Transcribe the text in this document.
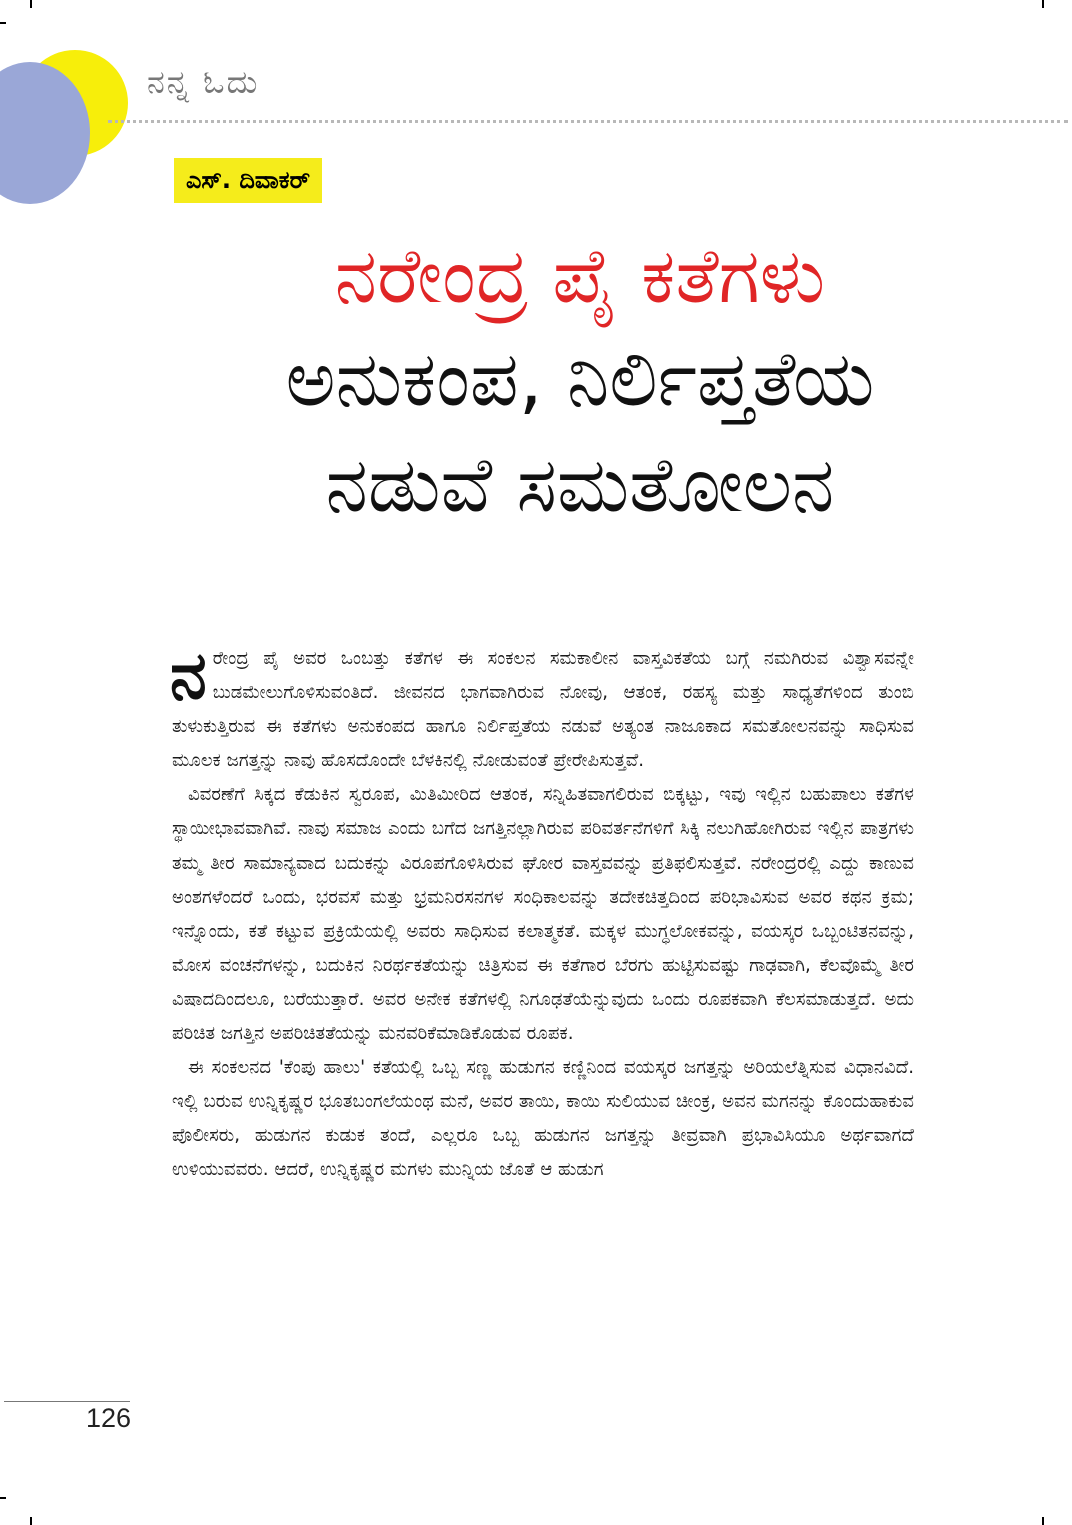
ನನ್ನ ಓದು
ಎಸ್. ದಿವಾಕರ್
ನರೇಂದ್ರ ಪೈ ಕತೆಗಳು
ಅನುಕಂಪ, ನಿರ್ಲಿಪ್ತತೆಯ
ನಡುವೆ ಸಮತೋಲನ

ನರೇಂದ್ರ ಪೈ ಅವರ ಒಂಬತ್ತು ಕತೆಗಳ ಈ ಸಂಕಲನ ಸಮಕಾಲೀನ ವಾಸ್ತವಿಕತೆಯ ಬಗ್ಗೆ ನಮಗಿರುವ ವಿಶ್ವಾಸವನ್ನೇ ಬುಡಮೇಲುಗೊಳಿಸುವಂತಿದೆ. ಜೀವನದ ಭಾಗವಾಗಿರುವ ನೋವು, ಆತಂಕ, ರಹಸ್ಯ ಮತ್ತು ಸಾಧ್ಯತೆಗಳಿಂದ ತುಂಬಿ ತುಳುಕುತ್ತಿರುವ ಈ ಕತೆಗಳು ಅನುಕಂಪದ ಹಾಗೂ ನಿರ್ಲಿಪ್ತತೆಯ ನಡುವೆ ಅತ್ಯಂತ ನಾಜೂಕಾದ ಸಮತೋಲನವನ್ನು ಸಾಧಿಸುವ ಮೂಲಕ ಜಗತ್ತನ್ನು ನಾವು ಹೊಸದೊಂದೇ ಬೆಳಕಿನಲ್ಲಿ ನೋಡುವಂತೆ ಪ್ರೇರೇಪಿಸುತ್ತವೆ.

ವಿವರಣೆಗೆ ಸಿಕ್ಕದ ಕೆಡುಕಿನ ಸ್ವರೂಪ, ಮಿತಿಮೀರಿದ ಆತಂಕ, ಸನ್ನಿಹಿತವಾಗಲಿರುವ ಬಿಕ್ಕಟ್ಟು, ಇವು ಇಲ್ಲಿನ ಬಹುಪಾಲು ಕತೆಗಳ ಸ್ಥಾಯೀಭಾವವಾಗಿವೆ. ನಾವು ಸಮಾಜ ಎಂದು ಬಗೆದ ಜಗತ್ತಿನಲ್ಲಾಗಿರುವ ಪರಿವರ್ತನೆಗಳಿಗೆ ಸಿಕ್ಕಿ ನಲುಗಿಹೋಗಿರುವ ಇಲ್ಲಿನ ಪಾತ್ರಗಳು ತಮ್ಮ ತೀರ ಸಾಮಾನ್ಯವಾದ ಬದುಕನ್ನು ವಿರೂಪಗೊಳಿಸಿರುವ ಘೋರ ವಾಸ್ತವವನ್ನು ಪ್ರತಿಫಲಿಸುತ್ತವೆ. ನರೇಂದ್ರರಲ್ಲಿ ಎದ್ದು ಕಾಣುವ ಅಂಶಗಳೆಂದರೆ ಒಂದು, ಭರವಸೆ ಮತ್ತು ಭ್ರಮನಿರಸನಗಳ ಸಂಧಿಕಾಲವನ್ನು ತದೇಕಚಿತ್ತದಿಂದ ಪರಿಭಾವಿಸುವ ಅವರ ಕಥನ ಕ್ರಮ; ಇನ್ನೊಂದು, ಕತೆ ಕಟ್ಟುವ ಪ್ರಕ್ರಿಯೆಯಲ್ಲಿ ಅವರು ಸಾಧಿಸುವ ಕಲಾತ್ಮಕತೆ. ಮಕ್ಕಳ ಮುಗ್ಧಲೋಕವನ್ನು, ವಯಸ್ಕರ ಒಬ್ಬಂಟಿತನವನ್ನು, ಮೋಸ ವಂಚನೆಗಳನ್ನು, ಬದುಕಿನ ನಿರರ್ಥಕತೆಯನ್ನು ಚಿತ್ರಿಸುವ ಈ ಕತೆಗಾರ ಬೆರಗು ಹುಟ್ಟಿಸುವಷ್ಟು ಗಾಢವಾಗಿ, ಕೆಲವೊಮ್ಮೆ ತೀರ ವಿಷಾದದಿಂದಲೂ, ಬರೆಯುತ್ತಾರೆ. ಅವರ ಅನೇಕ ಕತೆಗಳಲ್ಲಿ ನಿಗೂಢತೆಯೆನ್ನುವುದು ಒಂದು ರೂಪಕವಾಗಿ ಕೆಲಸಮಾಡುತ್ತದೆ. ಅದು ಪರಿಚಿತ ಜಗತ್ತಿನ ಅಪರಿಚಿತತೆಯನ್ನು ಮನವರಿಕೆಮಾಡಿಕೊಡುವ ರೂಪಕ.

ಈ ಸಂಕಲನದ 'ಕೆಂಪು ಹಾಲು' ಕತೆಯಲ್ಲಿ ಒಬ್ಬ ಸಣ್ಣ ಹುಡುಗನ ಕಣ್ಣಿನಿಂದ ವಯಸ್ಕರ ಜಗತ್ತನ್ನು ಅರಿಯಲೆತ್ನಿಸುವ ವಿಧಾನವಿದೆ. ಇಲ್ಲಿ ಬರುವ ಉನ್ನಿಕೃಷ್ಣರ ಭೂತಬಂಗಲೆಯಂಥ ಮನೆ, ಅವರ ತಾಯಿ, ಕಾಯಿ ಸುಲಿಯುವ ಚೀಂಕ್ರ, ಅವನ ಮಗನನ್ನು ಕೊಂದುಹಾಕುವ ಪೊಲೀಸರು, ಹುಡುಗನ ಕುಡುಕ ತಂದೆ, ಎಲ್ಲರೂ ಒಬ್ಬ ಹುಡುಗನ ಜಗತ್ತನ್ನು ತೀವ್ರವಾಗಿ ಪ್ರಭಾವಿಸಿಯೂ ಅರ್ಥವಾಗದೆ ಉಳಿಯುವವರು. ಆದರೆ, ಉನ್ನಿಕೃಷ್ಣರ ಮಗಳು ಮುನ್ನಿಯ ಜೊತೆ ಆ ಹುಡುಗ

126
